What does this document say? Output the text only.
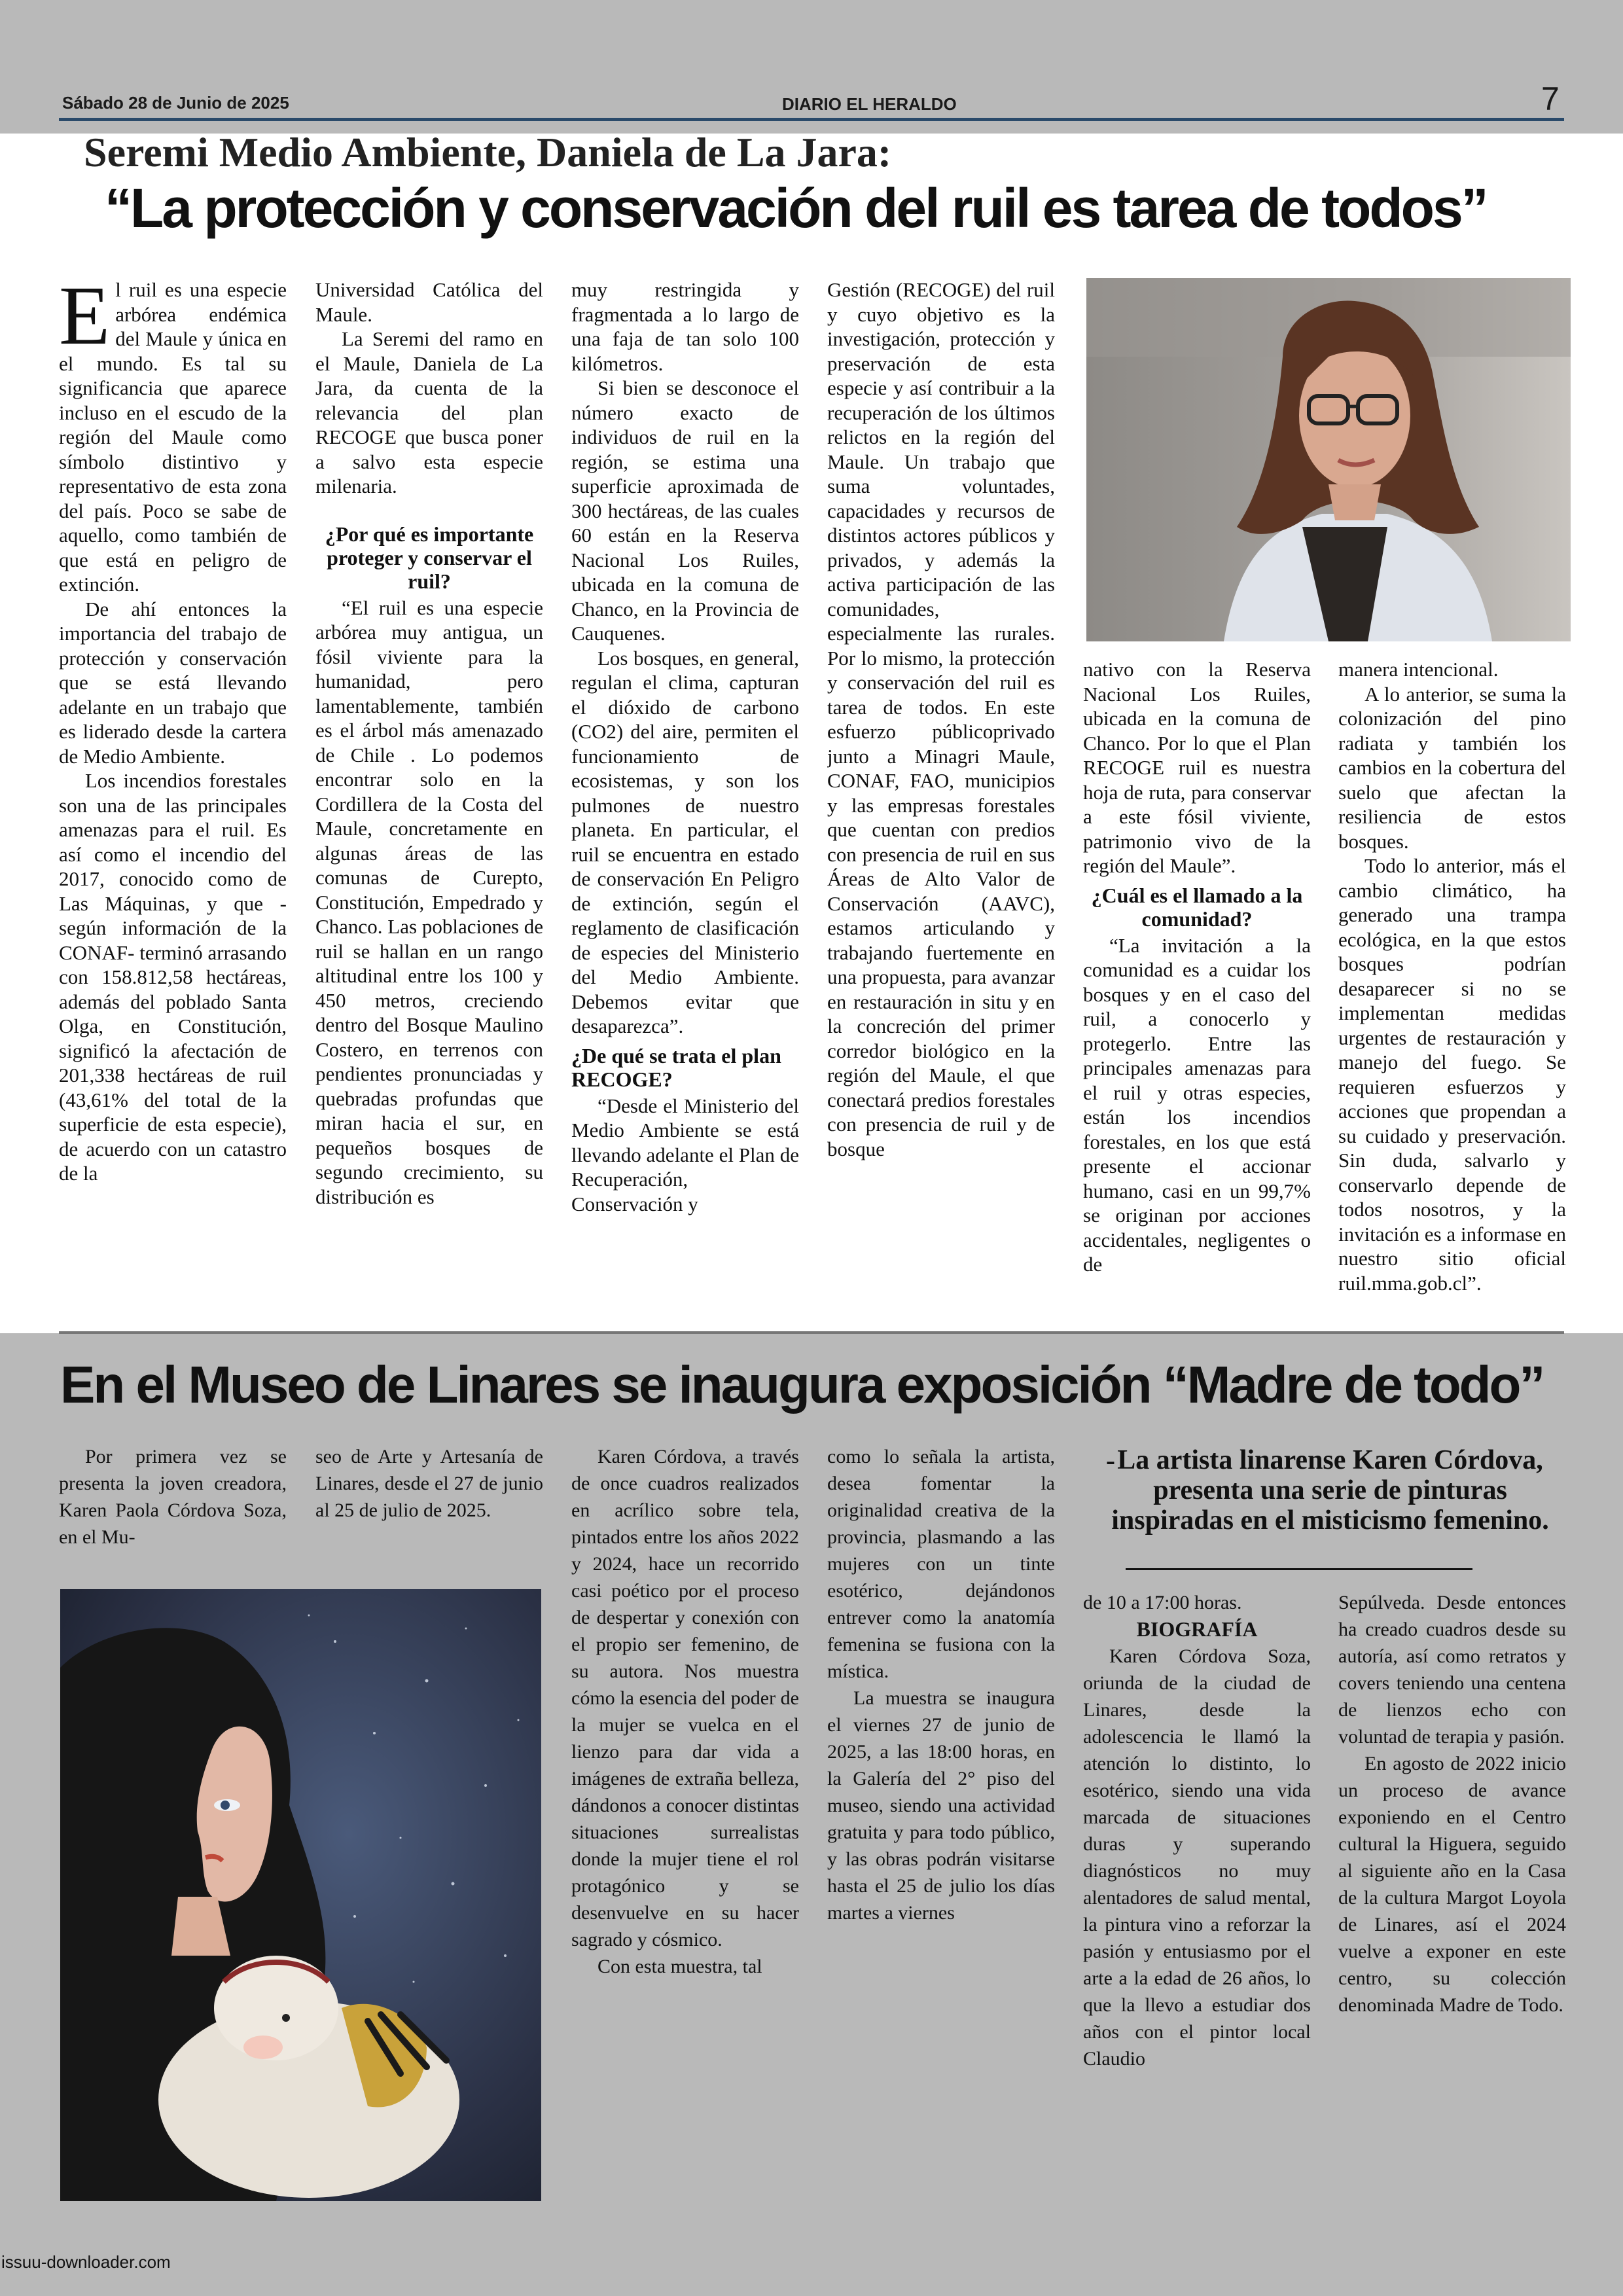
Sábado 28 de Junio de 2025	DIARIO EL HERALDO	7
Seremi Medio Ambiente, Daniela de La Jara:
“La protección y conservación del ruil es tarea de todos”

El ruil es una especie arbórea endémica del Maule y única en el mundo. Es tal su significancia que aparece incluso en el escudo de la región del Maule como símbolo distintivo y representativo de esta zona del país. Poco se sabe de aquello, como también de que está en peligro de extinción.

De ahí entonces la importancia del trabajo de protección y conservación que se está llevando adelante en un trabajo que es liderado desde la cartera de Medio Ambiente.

Los incendios forestales son una de las principales amenazas para el ruil. Es así como el incendio del 2017, conocido como de Las Máquinas, y que -según información de la CONAF- terminó arrasando con 158.812,58 hectáreas, además del poblado Santa Olga, en Constitución, significó la afectación de 201,338 hectáreas de ruil (43,61% del total de la superficie de esta especie), de acuerdo con un catastro de la

Universidad Católica del Maule.

La Seremi del ramo en el Maule, Daniela de La Jara, da cuenta de la relevancia del plan RECOGE que busca poner a salvo esta especie milenaria.

¿Por qué es importante proteger y conservar el ruil?

“El ruil es una especie arbórea muy antigua, un fósil viviente para la humanidad, pero lamentablemente, también es el árbol más amenazado de Chile . Lo podemos encontrar solo en la Cordillera de la Costa del Maule, concretamente en algunas áreas de las comunas de Curepto, Constitución, Empedrado y Chanco. Las poblaciones de ruil se hallan en un rango altitudinal entre los 100 y 450 metros, creciendo dentro del Bosque Maulino Costero, en terrenos con pendientes pronunciadas y quebradas profundas que miran hacia el sur, en pequeños bosques de segundo crecimiento, su distribución es

muy restringida y fragmentada a lo largo de una faja de tan solo 100 kilómetros.

Si bien se desconoce el número exacto de individuos de ruil en la región, se estima una superficie aproximada de 300 hectáreas, de las cuales 60 están en la Reserva Nacional Los Ruiles, ubicada en la comuna de Chanco, en la Provincia de Cauquenes.

Los bosques, en general, regulan el clima, capturan el dióxido de carbono (CO2) del aire, permiten el funcionamiento de ecosistemas, y son los pulmones de nuestro planeta. En particular, el ruil se encuentra en estado de conservación En Peligro de extinción, según el reglamento de clasificación de especies del Ministerio del Medio Ambiente. Debemos evitar que desaparezca”.

¿De qué se trata el plan RECOGE?

“Desde el Ministerio del Medio Ambiente se está llevando adelante el Plan de Recuperación, Conservación y

Gestión (RECOGE) del ruil y cuyo objetivo es la investigación, protección y preservación de esta especie y así contribuir a la recuperación de los últimos relictos en la región del Maule. Un trabajo que suma voluntades, capacidades y recursos de distintos actores públicos y privados, y además la activa participación de las comunidades, especialmente las rurales. Por lo mismo, la protección y conservación del ruil es tarea de todos. En este esfuerzo públicoprivado junto a Minagri Maule, CONAF, FAO, municipios y las empresas forestales que cuentan con predios con presencia de ruil en sus Áreas de Alto Valor de Conservación (AAVC), estamos articulando y trabajando fuertemente en una propuesta, para avanzar en restauración in situ y en la concreción del primer corredor biológico en la región del Maule, el que conectará predios forestales con presencia de ruil y de bosque

nativo con la Reserva Nacional Los Ruiles, ubicada en la comuna de Chanco. Por lo que el Plan RECOGE ruil es nuestra hoja de ruta, para conservar a este fósil viviente, patrimonio vivo de la región del Maule”.

¿Cuál es el llamado a la comunidad?

“La invitación a la comunidad es a cuidar los bosques y en el caso del ruil, a conocerlo y protegerlo. Entre las principales amenazas para el ruil y otras especies, están los incendios forestales, en los que está presente el accionar humano, casi en un 99,7% se originan por acciones accidentales, negligentes o de

manera intencional.

A lo anterior, se suma la colonización del pino radiata y también los cambios en la cobertura del suelo que afectan la resiliencia de estos bosques.

Todo lo anterior, más el cambio climático, ha generado una trampa ecológica, en la que estos bosques podrían desaparecer si no se implementan medidas urgentes de restauración y manejo del fuego. Se requieren esfuerzos y acciones que propendan a su cuidado y preservación. Sin duda, salvarlo y conservarlo depende de todos nosotros, y la invitación es a informase en nuestro sitio oficial ruil.mma.gob.cl”.

En el Museo de Linares se inaugura exposición “Madre de todo”

Por primera vez se presenta la joven creadora, Karen Paola Córdova Soza, en el Mu-

seo de Arte y Artesanía de Linares, desde el 27 de junio al 25 de julio de 2025.

Karen Córdova, a través de once cuadros realizados en acrílico sobre tela, pintados entre los años 2022 y 2024, hace un recorrido casi poético por el proceso de despertar y conexión con el propio ser femenino, de su autora. Nos muestra cómo la esencia del poder de la mujer se vuelca en el lienzo para dar vida a imágenes de extraña belleza, dándonos a conocer distintas situaciones surrealistas donde la mujer tiene el rol protagónico y se desenvuelve en su hacer sagrado y cósmico.

Con esta muestra, tal

como lo señala la artista, desea fomentar la originalidad creativa de la provincia, plasmando a las mujeres con un tinte esotérico, dejándonos entrever como la anatomía femenina se fusiona con la mística.

La muestra se inaugura el viernes 27 de junio de 2025, a las 18:00 horas, en la Galería del 2° piso del museo, siendo una actividad gratuita y para todo público, y las obras podrán visitarse hasta el 25 de julio los días martes a viernes

- La artista linarense Karen Córdova, presenta una serie de pinturas inspiradas en el misticismo femenino.

de 10 a 17:00 horas.

BIOGRAFÍA

Karen Córdova Soza, oriunda de la ciudad de Linares, desde la adolescencia le llamó la atención lo distinto, lo esotérico, siendo una vida marcada de situaciones duras y superando diagnósticos no muy alentadores de salud mental, la pintura vino a reforzar la pasión y entusiasmo por el arte a la edad de 26 años, lo que la llevo a estudiar dos años con el pintor local Claudio

Sepúlveda. Desde entonces ha creado cuadros desde su autoría, así como retratos y covers teniendo una centena de lienzos echo con voluntad de terapia y pasión.

En agosto de 2022 inicio un proceso de avance exponiendo en el Centro cultural la Higuera, seguido al siguiente año en la Casa de la cultura Margot Loyola de Linares, así el 2024 vuelve a exponer en este centro, su colección denominada Madre de Todo.

issuu-downloader.com
